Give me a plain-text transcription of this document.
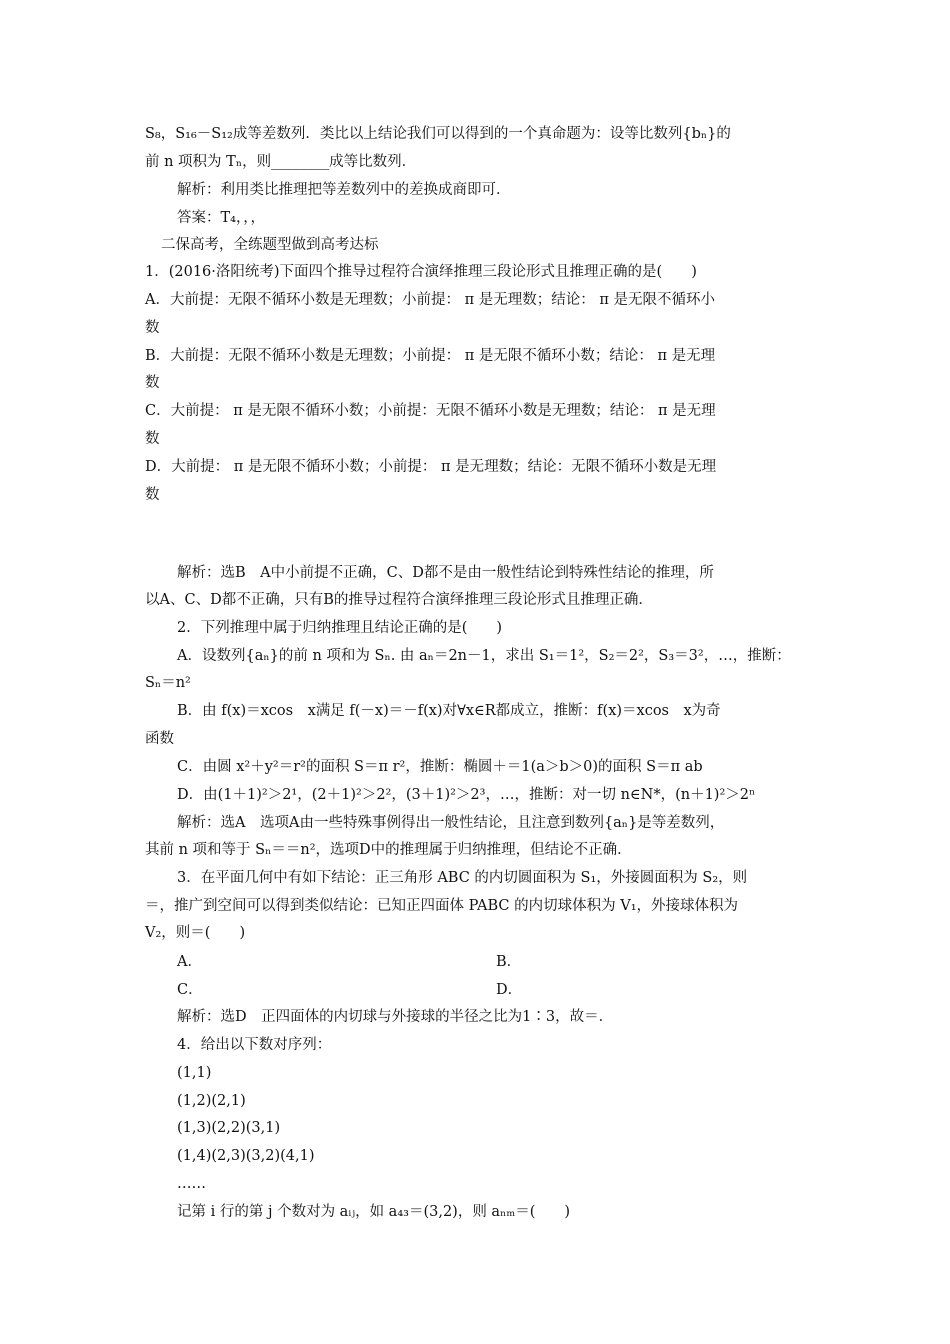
S₈，S₁₆－S₁₂成等差数列．类比以上结论我们可以得到的一个真命题为：设等比数列{bₙ}的
前 n 项积为 Tₙ，则________成等比数列．
解析：利用类比推理把等差数列中的差换成商即可．
答案：T₄，，，
二保高考，全练题型做到高考达标
1．(2016·洛阳统考)下面四个推导过程符合演绎推理三段论形式且推理正确的是(　　)
A．大前提：无限不循环小数是无理数；小前提： π 是无理数；结论： π 是无限不循环小
数
B．大前提：无限不循环小数是无理数；小前提： π 是无限不循环小数；结论： π 是无理
数
C．大前提： π 是无限不循环小数；小前提：无限不循环小数是无理数；结论： π 是无理
数
D．大前提： π 是无限不循环小数；小前提： π 是无理数；结论：无限不循环小数是无理
数
解析：选B　A中小前提不正确，C、D都不是由一般性结论到特殊性结论的推理，所
以A、C、D都不正确，只有B的推导过程符合演绎推理三段论形式且推理正确．
2．下列推理中属于归纳推理且结论正确的是(　　)
A．设数列{aₙ}的前 n 项和为 Sₙ. 由 aₙ＝2n－1，求出 S₁＝1²，S₂＝2²，S₃＝3²，…，推断：
Sₙ＝n²
B．由 f(x)＝xcos　x满足 f(－x)＝－f(x)对∀x∈R都成立，推断：f(x)＝xcos　x为奇
函数
C．由圆 x²＋y²＝r²的面积 S＝π r²，推断：椭圆＋＝1(a＞b＞0)的面积 S＝π ab
D．由(1＋1)²＞2¹，(2＋1)²＞2²，(3＋1)²＞2³，…，推断：对一切 n∈N*，(n＋1)²＞2ⁿ
解析：选A　选项A由一些特殊事例得出一般性结论，且注意到数列{aₙ}是等差数列，
其前 n 项和等于 Sₙ＝＝n²，选项D中的推理属于归纳推理，但结论不正确．
3．在平面几何中有如下结论：正三角形 ABC 的内切圆面积为 S₁，外接圆面积为 S₂，则
＝，推广到空间可以得到类似结论：已知正四面体 PABC 的内切球体积为 V₁，外接球体积为
V₂，则＝(　　)
A．	B．
C．	D．
解析：选D　正四面体的内切球与外接球的半径之比为1∶3，故＝．
4．给出以下数对序列：
(1,1)
(1,2)(2,1)
(1,3)(2,2)(3,1)
(1,4)(2,3)(3,2)(4,1)
……
记第 i 行的第 j 个数对为 aᵢⱼ，如 a₄₃＝(3,2)，则 aₙₘ＝(　　)
